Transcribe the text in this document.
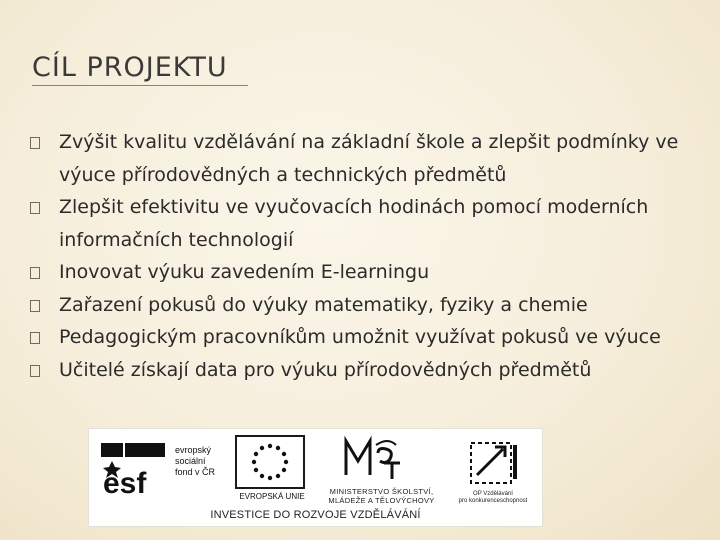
CÍL PROJEKTU
Zvýšit kvalitu vzdělávání na základní škole a zlepšit podmínky ve výuce přírodovědných a technických předmětů
Zlepšit efektivitu ve vyučovacích hodinách pomocí moderních informačních technologií
Inovovat výuku zavedením E-learningu
Zařazení pokusů do výuky matematiky, fyziky a chemie
Pedagogickým pracovníkům umožnit využívat pokusů ve výuce
Učitelé získají data pro výuku přírodovědných předmětů
esf
evropský
sociální
fond v ČR
EVROPSKÁ UNIE
MINISTERSTVO ŠKOLSTVÍ,
MLÁDEŽE A TĚLOVÝCHOVY
OP Vzdělávání
pro konkurenceschopnost
INVESTICE DO ROZVOJE VZDĚLÁVÁNÍ
